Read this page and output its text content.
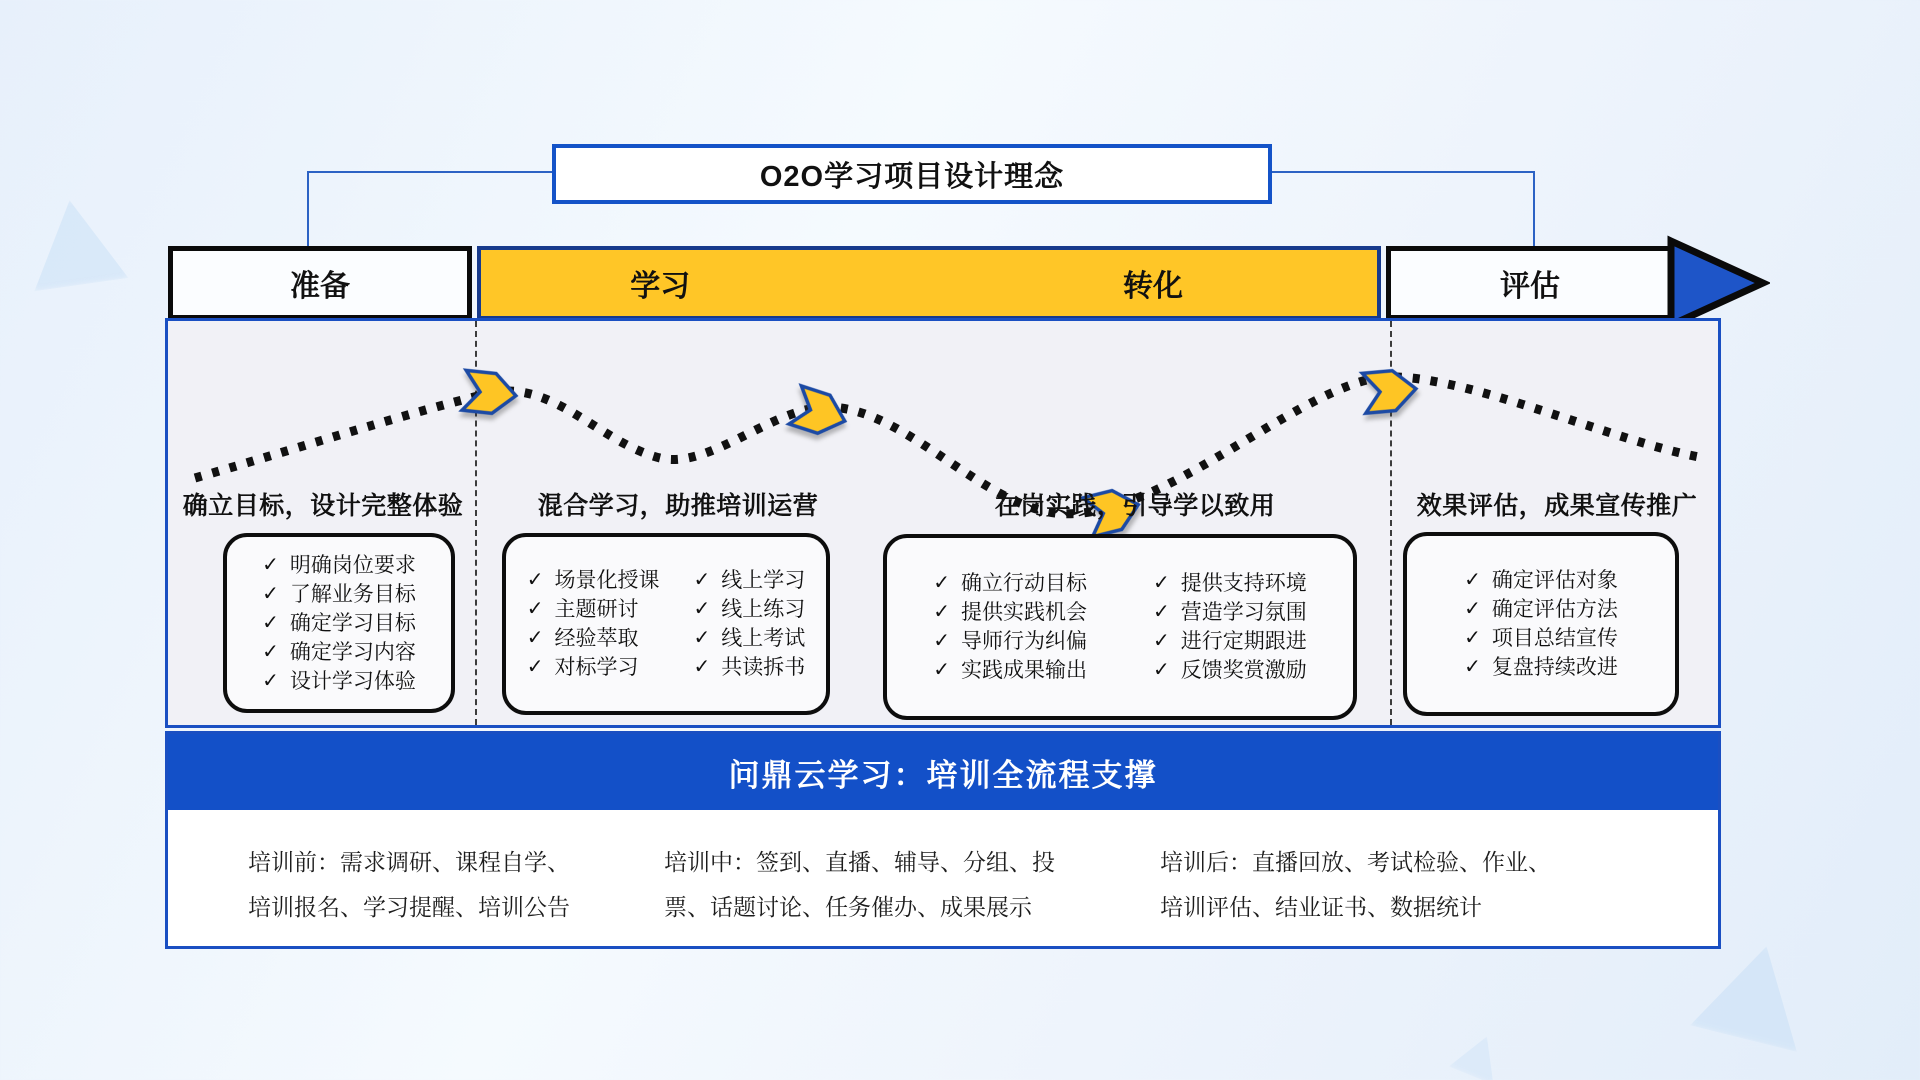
O2O学习项目设计理念
准备	学习	转化	评估
确立目标，设计完整体验	混合学习，助推培训运营	在岗实践，引导学以致用	效果评估，成果宣传推广
✓ 明确岗位要求
✓ 了解业务目标
✓ 确定学习目标
✓ 确定学习内容
✓ 设计学习体验
✓ 场景化授课
✓ 主题研讨
✓ 经验萃取
✓ 对标学习
✓ 线上学习
✓ 线上练习
✓ 线上考试
✓ 共读拆书
✓ 确立行动目标
✓ 提供实践机会
✓ 导师行为纠偏
✓ 实践成果输出
✓ 提供支持环境
✓ 营造学习氛围
✓ 进行定期跟进
✓ 反馈奖赏激励
✓ 确定评估对象
✓ 确定评估方法
✓ 项目总结宣传
✓ 复盘持续改进
问鼎云学习：培训全流程支撑
培训前：需求调研、课程自学、
培训报名、学习提醒、培训公告
培训中：签到、直播、辅导、分组、投
票、话题讨论、任务催办、成果展示
培训后：直播回放、考试检验、作业、
培训评估、结业证书、数据统计
